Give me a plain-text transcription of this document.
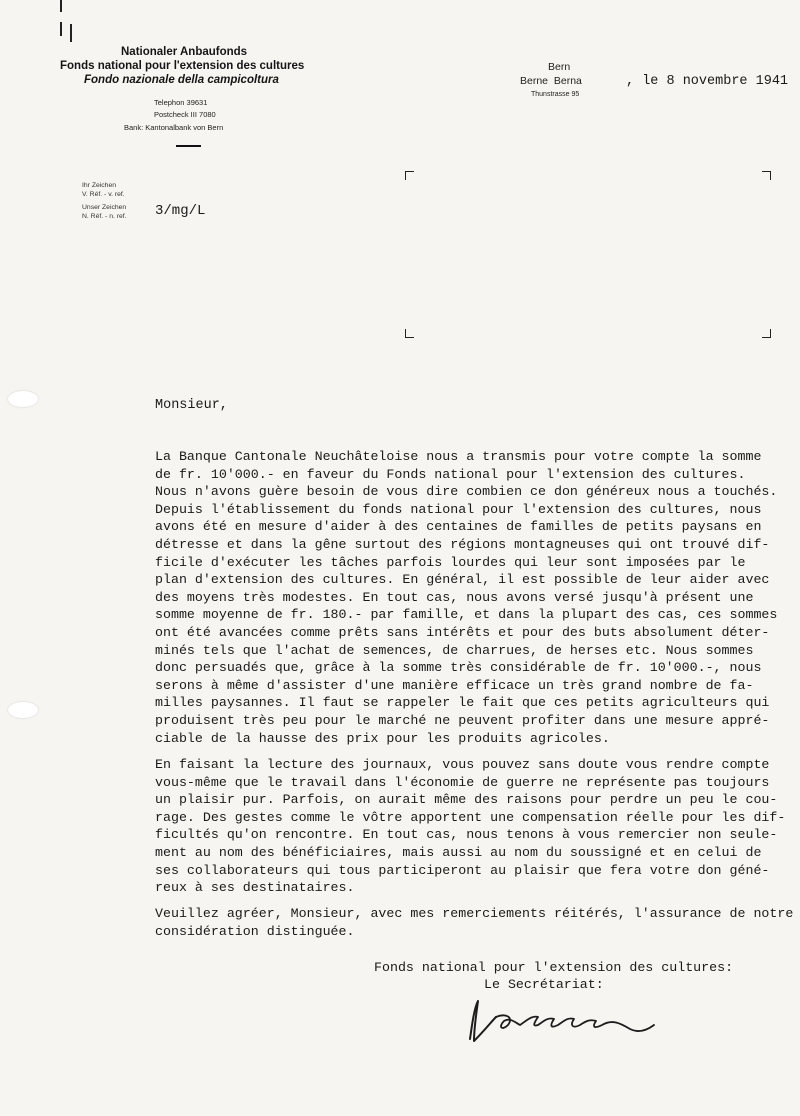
Nationaler Anbaufonds
Fonds national pour l'extension des cultures
Fondo nazionale della campicoltura
Telephon 39631
Postcheck III 7080
Bank: Kantonalbank von Bern
Bern
Berne  Berna
Thunstrasse 95
, le 8 novembre 1941
Ihr Zeichen
V. Réf. - v. ref.
Unser Zeichen
N. Réf. - n. ref. 3/mg/L
Monsieur,
La Banque Cantonale Neuchâteloise nous a transmis pour votre compte la somme
de fr. 10'000.- en faveur du Fonds national pour l'extension des cultures.
Nous n'avons guère besoin de vous dire combien ce don généreux nous a touchés.
Depuis l'établissement du fonds national pour l'extension des cultures, nous
avons été en mesure d'aider à des centaines de familles de petits paysans en
détresse et dans la gêne surtout des régions montagneuses qui ont trouvé dif-
ficile d'exécuter les tâches parfois lourdes qui leur sont imposées par le
plan d'extension des cultures. En général, il est possible de leur aider avec
des moyens très modestes. En tout cas, nous avons versé jusqu'à présent une
somme moyenne de fr. 180.- par famille, et dans la plupart des cas, ces sommes
ont été avancées comme prêts sans intérêts et pour des buts absolument déter-
minés tels que l'achat de semences, de charrues, de herses etc. Nous sommes
donc persuadés que, grâce à la somme très considérable de fr. 10'000.-, nous
serons à même d'assister d'une manière efficace un très grand nombre de fa-
milles paysannes. Il faut se rappeler le fait que ces petits agriculteurs qui
produisent très peu pour le marché ne peuvent profiter dans une mesure appré-
ciable de la hausse des prix pour les produits agricoles.
En faisant la lecture des journaux, vous pouvez sans doute vous rendre compte
vous-même que le travail dans l'économie de guerre ne représente pas toujours
un plaisir pur. Parfois, on aurait même des raisons pour perdre un peu le cou-
rage. Des gestes comme le vôtre apportent une compensation réelle pour les dif-
ficultés qu'on rencontre. En tout cas, nous tenons à vous remercier non seule-
ment au nom des bénéficiaires, mais aussi au nom du soussigné et en celui de
ses collaborateurs qui tous participeront au plaisir que fera votre don géné-
reux à ses destinataires.
Veuillez agréer, Monsieur, avec mes remerciements réitérés, l'assurance de notre
considération distinguée.
Fonds national pour l'extension des cultures:
Le Secrétariat:
